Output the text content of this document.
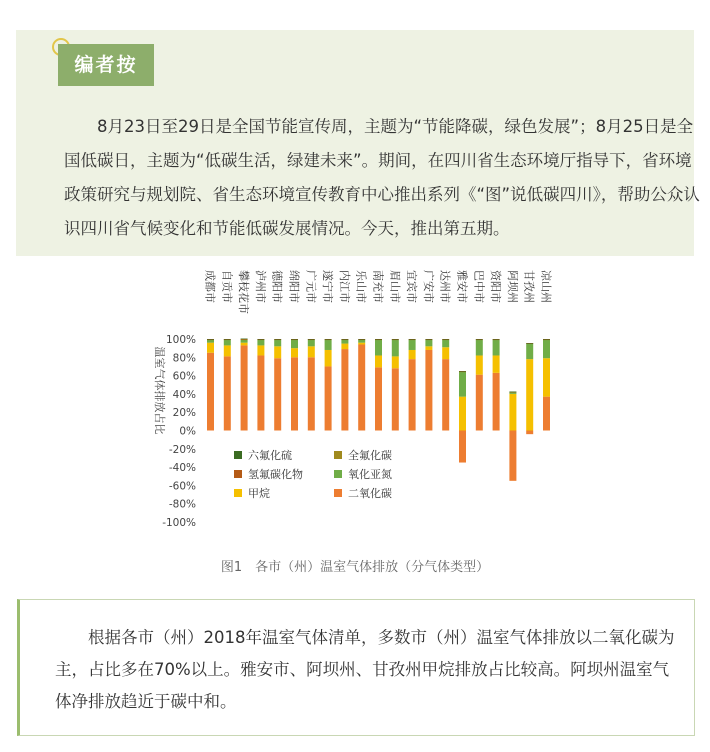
编者按
8月23日至29日是全国节能宣传周，主题为“节能降碳，绿色发展”；8月25日是全国低碳日，主题为“低碳生活，绿建未来”。期间，在四川省生态环境厅指导下，省环境政策研究与规划院、省生态环境宣传教育中心推出系列《“图”说低碳四川》，帮助公众认识四川省气候变化和节能低碳发展情况。今天，推出第五期。
温室气体排放占比
100%
80%
60%
40%
20%
0%
-20%
-40%
-60%
-80%
-100%
成都市 自贡市 攀枝花市 泸州市 德阳市 绵阳市 广元市 遂宁市 内江市 乐山市 南充市 眉山市 宜宾市 广安市 达州市 雅安市 巴中市 资阳市 阿坝州 甘孜州 凉山州
六氟化硫	全氟化碳
氢氟碳化物	氧化亚氮
甲烷	二氧化碳
图1　各市（州）温室气体排放（分气体类型）
根据各市（州）2018年温室气体清单，多数市（州）温室气体排放以二氧化碳为主，占比多在70%以上。雅安市、阿坝州、甘孜州甲烷排放占比较高。阿坝州温室气体净排放趋近于碳中和。
